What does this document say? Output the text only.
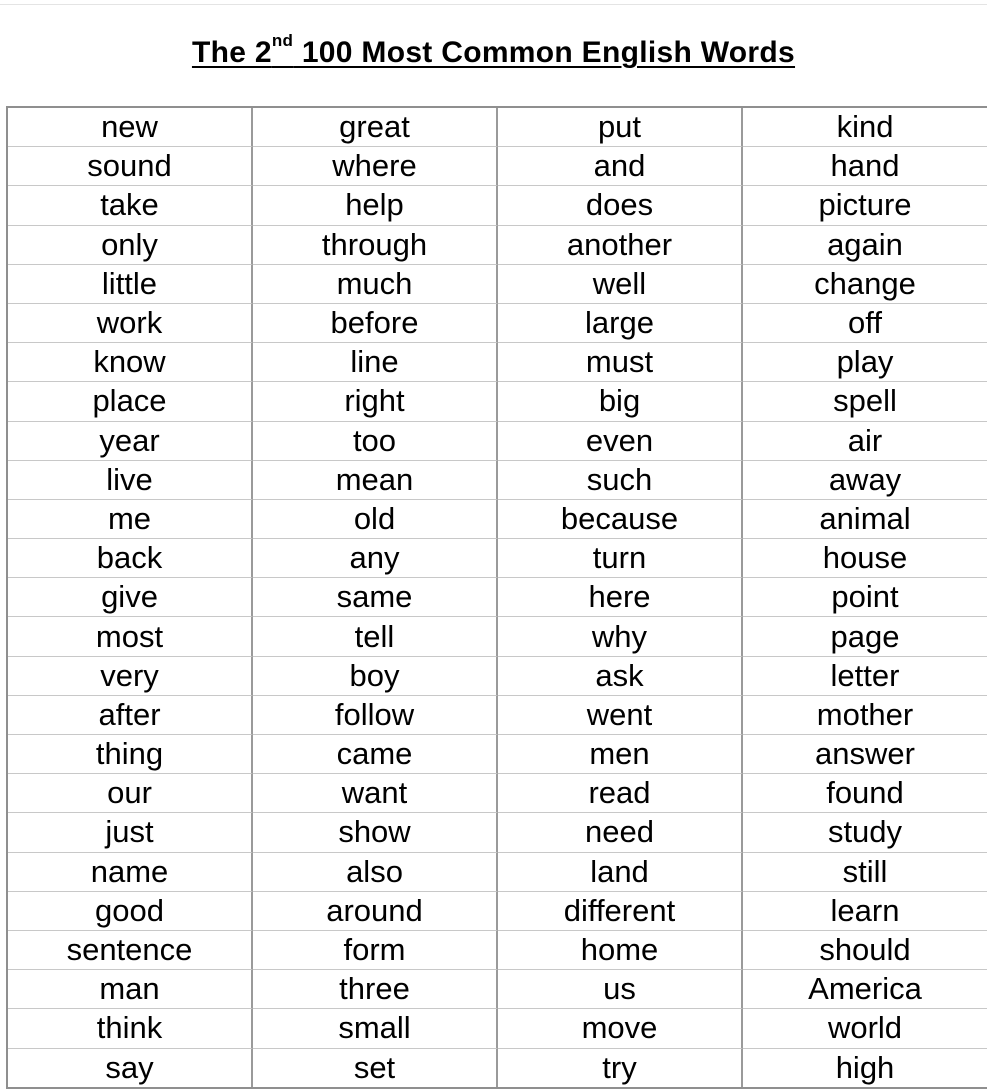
The 2nd 100 Most Common English Words
new	great	put	kind
sound	where	and	hand
take	help	does	picture
only	through	another	again
little	much	well	change
work	before	large	off
know	line	must	play
place	right	big	spell
year	too	even	air
live	mean	such	away
me	old	because	animal
back	any	turn	house
give	same	here	point
most	tell	why	page
very	boy	ask	letter
after	follow	went	mother
thing	came	men	answer
our	want	read	found
just	show	need	study
name	also	land	still
good	around	different	learn
sentence	form	home	should
man	three	us	America
think	small	move	world
say	set	try	high
